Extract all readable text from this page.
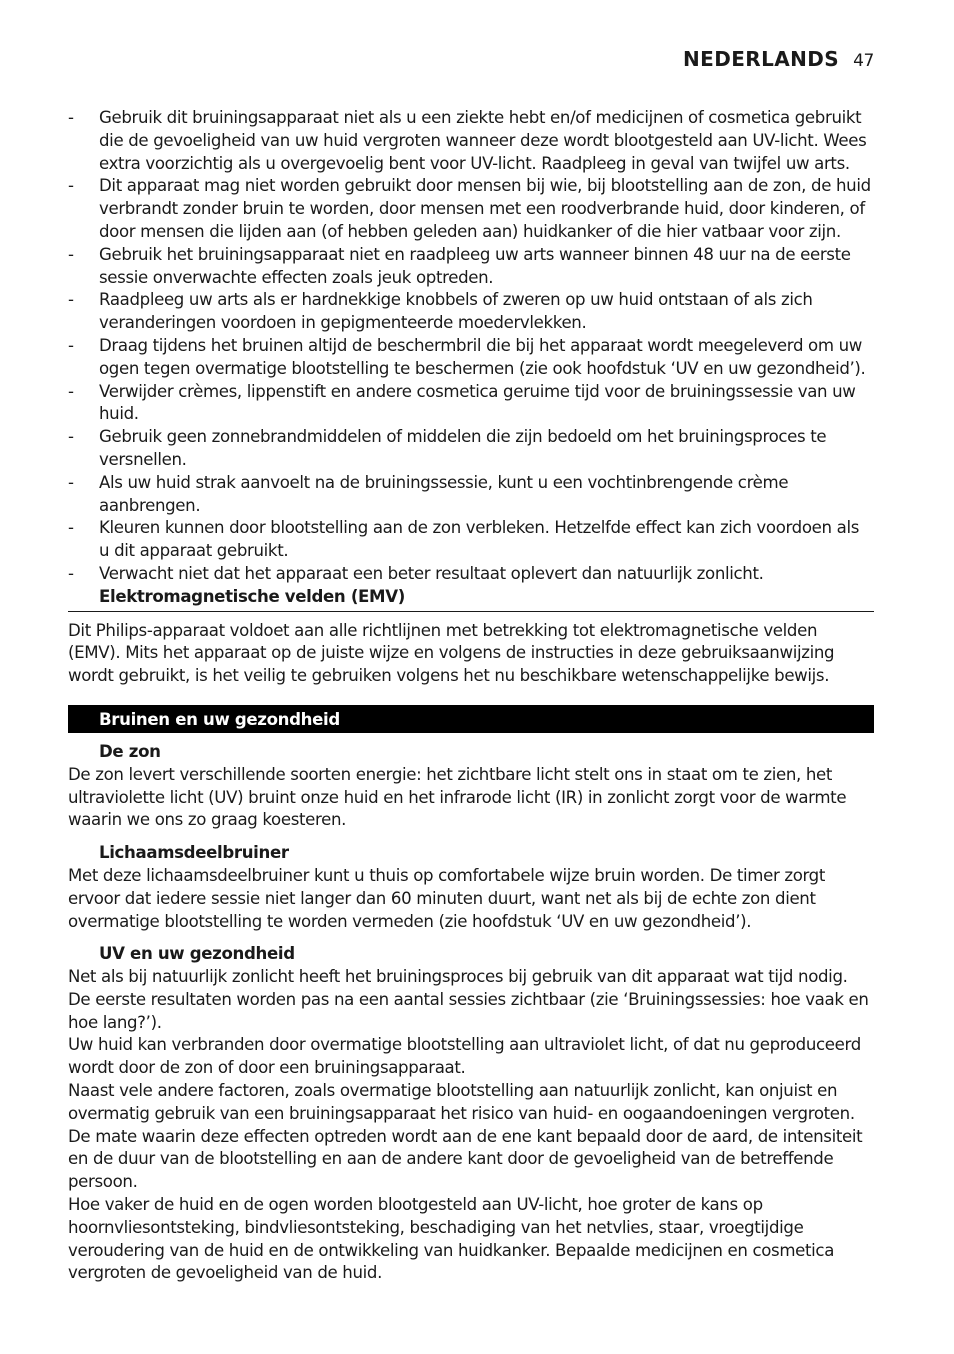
NEDERLANDS 47
- Gebruik dit bruiningsapparaat niet als u een ziekte hebt en/of medicijnen of cosmetica gebruikt die de gevoeligheid van uw huid vergroten wanneer deze wordt blootgesteld aan UV-licht. Wees extra voorzichtig als u overgevoelig bent voor UV-licht. Raadpleeg in geval van twijfel uw arts.
- Dit apparaat mag niet worden gebruikt door mensen bij wie, bij blootstelling aan de zon, de huid verbrandt zonder bruin te worden, door mensen met een roodverbrande huid, door kinderen, of door mensen die lijden aan (of hebben geleden aan) huidkanker of die hier vatbaar voor zijn.
- Gebruik het bruiningsapparaat niet en raadpleeg uw arts wanneer binnen 48 uur na de eerste sessie onverwachte effecten zoals jeuk optreden.
- Raadpleeg uw arts als er hardnekkige knobbels of zweren op uw huid ontstaan of als zich veranderingen voordoen in gepigmenteerde moedervlekken.
- Draag tijdens het bruinen altijd de beschermbril die bij het apparaat wordt meegeleverd om uw ogen tegen overmatige blootstelling te beschermen (zie ook hoofdstuk ‘UV en uw gezondheid’).
- Verwijder crèmes, lippenstift en andere cosmetica geruime tijd voor de bruiningssessie van uw huid.
- Gebruik geen zonnebrandmiddelen of middelen die zijn bedoeld om het bruiningsproces te versnellen.
- Als uw huid strak aanvoelt na de bruiningssessie, kunt u een vochtinbrengende crème aanbrengen.
- Kleuren kunnen door blootstelling aan de zon verbleken. Hetzelfde effect kan zich voordoen als u dit apparaat gebruikt.
- Verwacht niet dat het apparaat een beter resultaat oplevert dan natuurlijk zonlicht.
Elektromagnetische velden (EMV)

Dit Philips-apparaat voldoet aan alle richtlijnen met betrekking tot elektromagnetische velden (EMV). Mits het apparaat op de juiste wijze en volgens de instructies in deze gebruiksaanwijzing wordt gebruikt, is het veilig te gebruiken volgens het nu beschikbare wetenschappelijke bewijs.

Bruinen en uw gezondheid
De zon

De zon levert verschillende soorten energie: het zichtbare licht stelt ons in staat om te zien, het ultraviolette licht (UV) bruint onze huid en het infrarode licht (IR) in zonlicht zorgt voor de warmte waarin we ons zo graag koesteren.

Lichaamsdeelbruiner

Met deze lichaamsdeelbruiner kunt u thuis op comfortabele wijze bruin worden. De timer zorgt ervoor dat iedere sessie niet langer dan 60 minuten duurt, want net als bij de echte zon dient overmatige blootstelling te worden vermeden (zie hoofdstuk ‘UV en uw gezondheid’).

UV en uw gezondheid

Net als bij natuurlijk zonlicht heeft het bruiningsproces bij gebruik van dit apparaat wat tijd nodig. De eerste resultaten worden pas na een aantal sessies zichtbaar (zie ‘Bruiningssessies: hoe vaak en hoe lang?’).

Uw huid kan verbranden door overmatige blootstelling aan ultraviolet licht, of dat nu geproduceerd wordt door de zon of door een bruiningsapparaat.

Naast vele andere factoren, zoals overmatige blootstelling aan natuurlijk zonlicht, kan onjuist en overmatig gebruik van een bruiningsapparaat het risico van huid- en oogaandoeningen vergroten.

De mate waarin deze effecten optreden wordt aan de ene kant bepaald door de aard, de intensiteit en de duur van de blootstelling en aan de andere kant door de gevoeligheid van de betreffende persoon.

Hoe vaker de huid en de ogen worden blootgesteld aan UV-licht, hoe groter de kans op hoornvliesontsteking, bindvliesontsteking, beschadiging van het netvlies, staar, vroegtijdige veroudering van de huid en de ontwikkeling van huidkanker. Bepaalde medicijnen en cosmetica vergroten de gevoeligheid van de huid.
